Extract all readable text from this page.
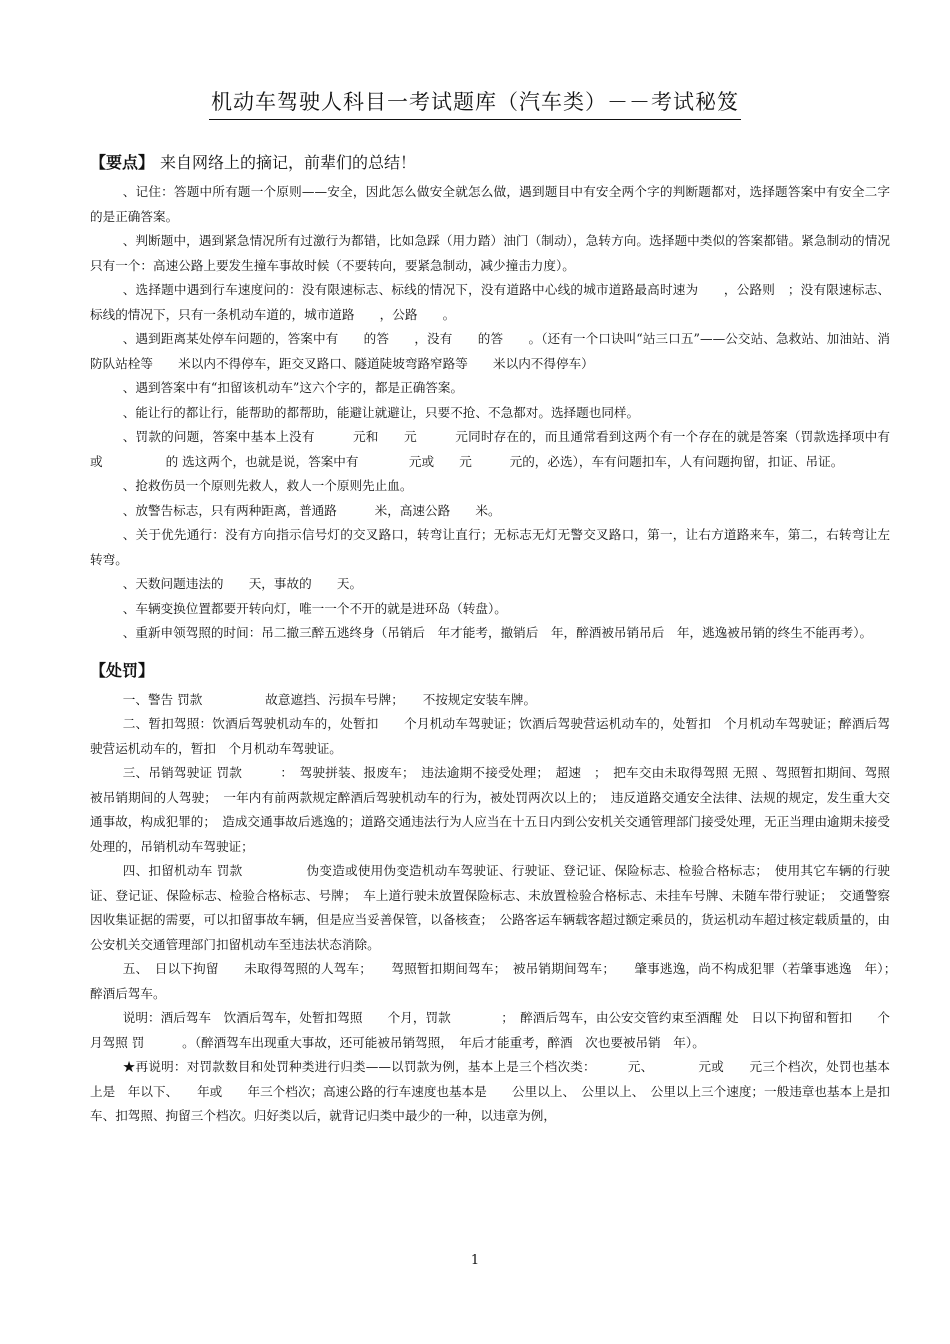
机动车驾驶人科目一考试题库（汽车类）－－考试秘笈
【要点】 来自网络上的摘记，前辈们的总结！

、记住：答题中所有题一个原则——安全，因此怎么做安全就怎么做，遇到题目中有安全两个字的判断题都对，选择题答案中有安全二字的是正确答案。

、判断题中，遇到紧急情况所有过激行为都错，比如急踩（用力踏）油门（制动），急转方向。选择题中类似的答案都错。紧急制动的情况只有一个：高速公路上要发生撞车事故时候（不要转向，要紧急制动，减少撞击力度）。

、选择题中遇到行车速度问的：没有限速标志、标线的情况下，没有道路中心线的城市道路最高时速为　　，公路则　；没有限速标志、标线的情况下，只有一条机动车道的，城市道路　　，公路　　。

、遇到距离某处停车问题的，答案中有　　的答　　，没有　　的答　　。（还有一个口诀叫“站三口五”——公交站、急救站、加油站、消防队站栓等　　米以内不得停车，距交叉路口、隧道陡坡弯路窄路等　　米以内不得停车）

、遇到答案中有“扣留该机动车”这六个字的，都是正确答案。

、能让行的都让行，能帮助的都帮助，能避让就避让，只要不抢、不急都对。选择题也同样。

、罚款的问题，答案中基本上没有　　　元和　　元　　　元同时存在的，而且通常看到这两个有一个存在的就是答案（罚款选择项中有　　　　或　　　　　的 选这两个，也就是说，答案中有　　　　元或　　元　　　元的，必选），车有问题扣车，人有问题拘留，扣证、吊证。

、抢救伤员一个原则先救人，救人一个原则先止血。

、放警告标志，只有两种距离，普通路　　　米，高速公路　　米。

、关于优先通行：没有方向指示信号灯的交叉路口，转弯让直行；无标志无灯无警交叉路口，第一，让右方道路来车，第二，右转弯让左转弯。

、天数问题违法的　　天，事故的　　天。

、车辆变换位置都要开转向灯，唯一一个不开的就是进环岛（转盘）。

、重新申领驾照的时间：吊二撤三醉五逃终身（吊销后　年才能考，撤销后　年，醉酒被吊销吊后　年，逃逸被吊销的终生不能再考）。

【处罚】

一、警告 罚款　　　　　故意遮挡、污损车号牌；　　不按规定安装车牌。

二、暂扣驾照：饮酒后驾驶机动车的，处暂扣　　个月机动车驾驶证；饮酒后驾驶营运机动车的，处暂扣　个月机动车驾驶证；醉酒后驾驶营运机动车的，暂扣　个月机动车驾驶证。

三、吊销驾驶证 罚款　　　：　驾驶拼装、报废车；　违法逾期不接受处理；　超速　；　把车交由未取得驾照 无照 、驾照暂扣期间、驾照被吊销期间的人驾驶；　一年内有前两款规定醉酒后驾驶机动车的行为，被处罚两次以上的；　违反道路交通安全法律、法规的规定，发生重大交通事故，构成犯罪的；　造成交通事故后逃逸的；道路交通违法行为人应当在十五日内到公安机关交通管理部门接受处理，无正当理由逾期未接受处理的，吊销机动车驾驶证；

四、扣留机动车 罚款　　　　　伪变造或使用伪变造机动车驾驶证、行驶证、登记证、保险标志、检验合格标志；　使用其它车辆的行驶证、登记证、保险标志、检验合格标志、号牌；　车上道行驶未放置保险标志、未放置检验合格标志、未挂车号牌、未随车带行驶证；　交通警察因收集证据的需要，可以扣留事故车辆，但是应当妥善保管，以备核查；　公路客运车辆载客超过额定乘员的，货运机动车超过核定载质量的，由公安机关交通管理部门扣留机动车至违法状态消除。

五、　日以下拘留　　未取得驾照的人驾车；　　驾照暂扣期间驾车；　被吊销期间驾车；　　肇事逃逸，尚不构成犯罪（若肇事逃逸　年）；　醉酒后驾车。

说明：酒后驾车　饮酒后驾车，处暂扣驾照　　个月，罚款　　　　；　醉酒后驾车，由公安交管约束至酒醒 处　日以下拘留和暂扣　　个月驾照 罚　　　。（醉酒驾车出现重大事故，还可能被吊销驾照，　年后才能重考，醉酒　次也要被吊销　年）。

★再说明：对罚款数目和处罚种类进行归类——以罚款为例，基本上是三个档次类：　　　元、　　　　元或　　元三个档次，处罚也基本上是　年以下、　　年或　　年三个档次；高速公路的行车速度也基本是　　公里以上、　公里以上、　公里以上三个速度；一般违章也基本上是扣车、扣驾照、拘留三个档次。归好类以后，就背记归类中最少的一种，以违章为例，

1
